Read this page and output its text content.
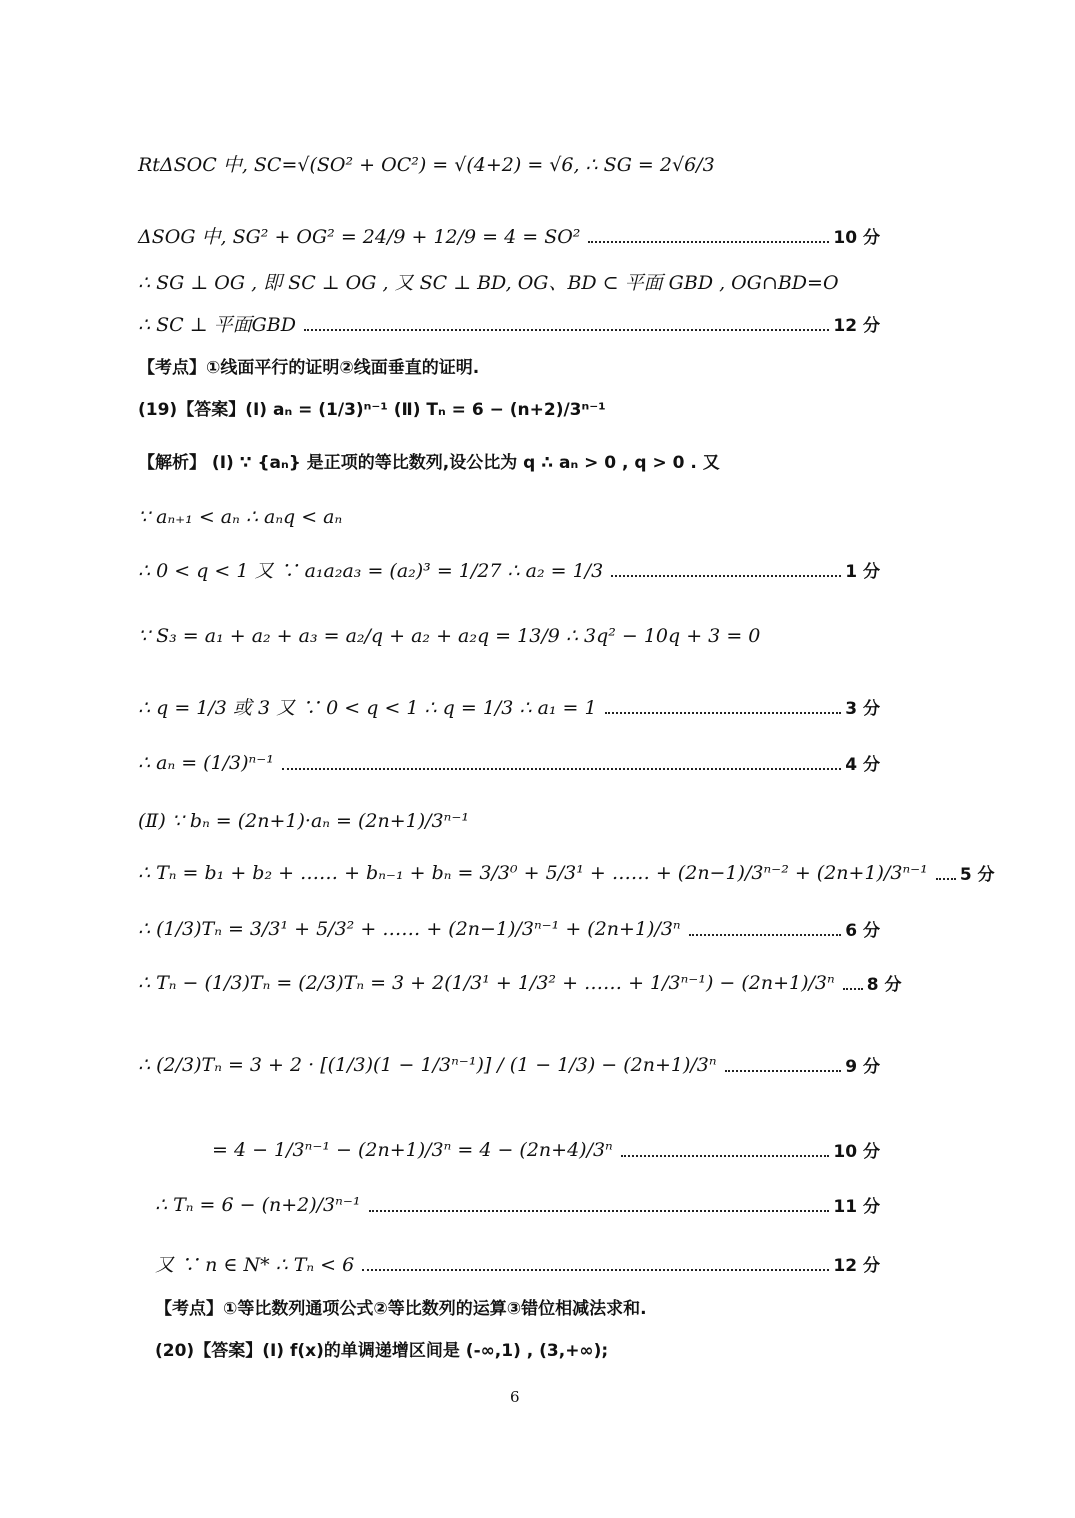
RtΔSOC 中, SC=√(SO² + OC²) = √(4+2) = √6, ∴ SG = 2√6/3
ΔSOG 中, SG² + OG² = 24/9 + 12/9 = 4 = SO²	10 分
∴ SG ⊥ OG , 即 SC ⊥ OG , 又 SC ⊥ BD, OG、BD ⊂ 平面 GBD , OG∩BD=O
∴ SC ⊥ 平面GBD	12 分
【考点】①线面平行的证明②线面垂直的证明.
(19)【答案】(Ⅰ) aₙ = (1/3)ⁿ⁻¹ (Ⅱ) Tₙ = 6 − (n+2)/3ⁿ⁻¹
【解析】 (Ⅰ) ∵ {aₙ} 是正项的等比数列,设公比为 q ∴ aₙ > 0 , q > 0 . 又
∵ aₙ₊₁ < aₙ ∴ aₙq < aₙ
∴ 0 < q < 1 又 ∵ a₁a₂a₃ = (a₂)³ = 1/27 ∴ a₂ = 1/3	1 分
∵ S₃ = a₁ + a₂ + a₃ = a₂/q + a₂ + a₂q = 13/9 ∴ 3q² − 10q + 3 = 0
∴ q = 1/3 或 3 又 ∵ 0 < q < 1 ∴ q = 1/3 ∴ a₁ = 1	3 分
∴ aₙ = (1/3)ⁿ⁻¹	4 分
(Ⅱ) ∵ bₙ = (2n+1)·aₙ = (2n+1)/3ⁿ⁻¹
∴ Tₙ = b₁ + b₂ + …… + bₙ₋₁ + bₙ = 3/3⁰ + 5/3¹ + …… + (2n−1)/3ⁿ⁻² + (2n+1)/3ⁿ⁻¹ 5 分
∴ (1/3)Tₙ = 3/3¹ + 5/3² + …… + (2n−1)/3ⁿ⁻¹ + (2n+1)/3ⁿ	6 分
∴ Tₙ − (1/3)Tₙ = (2/3)Tₙ = 3 + 2(1/3¹ + 1/3² + …… + 1/3ⁿ⁻¹) − (2n+1)/3ⁿ 8 分
∴ (2/3)Tₙ = 3 + 2 · [(1/3)(1 − 1/3ⁿ⁻¹)] / (1 − 1/3) − (2n+1)/3ⁿ	9 分
= 4 − 1/3ⁿ⁻¹ − (2n+1)/3ⁿ = 4 − (2n+4)/3ⁿ	10 分
∴ Tₙ = 6 − (n+2)/3ⁿ⁻¹	11 分
又 ∵ n ∈ N* ∴ Tₙ < 6	12 分
【考点】①等比数列通项公式②等比数列的运算③错位相减法求和.
(20)【答案】(Ⅰ) f(x)的单调递增区间是 (-∞,1) , (3,+∞);
6
